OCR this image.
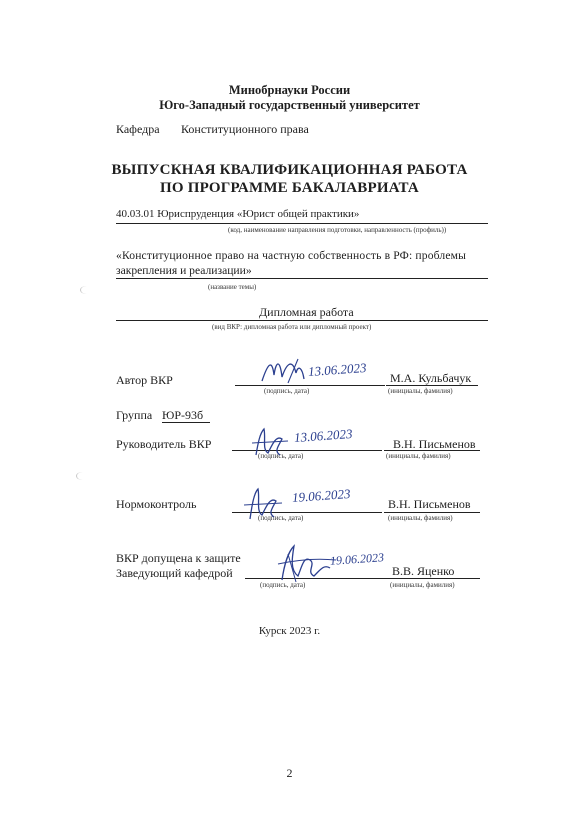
Минобрнауки России
Юго-Западный государственный университет
Кафедра Конституционного права
ВЫПУСКНАЯ КВАЛИФИКАЦИОННАЯ РАБОТА
ПО ПРОГРАММЕ БАКАЛАВРИАТА
40.03.01 Юриспруденция «Юрист общей практики»
(код, наименование направления подготовки, направленность (профиль))
«Конституционное право на частную собственность в РФ: проблемы
закрепления и реализации»
(название темы)
Дипломная работа
(вид ВКР: дипломная работа или дипломный проект)
Автор ВКР
(подпись, дата)
М.А. Кульбачук
(инициалы, фамилия)
13.06.2023
Группа ЮР-93б
Руководитель ВКР
(подпись, дата)
В.Н. Письменов
(инициалы, фамилия)
13.06.2023
Нормоконтроль
(подпись, дата)
В.Н. Письменов
(инициалы, фамилия)
19.06.2023
ВКР допущена к защите
Заведующий кафедрой
(подпись, дата)
В.В. Яценко
(инициалы, фамилия)
19.06.2023
Курск 2023 г.
2
